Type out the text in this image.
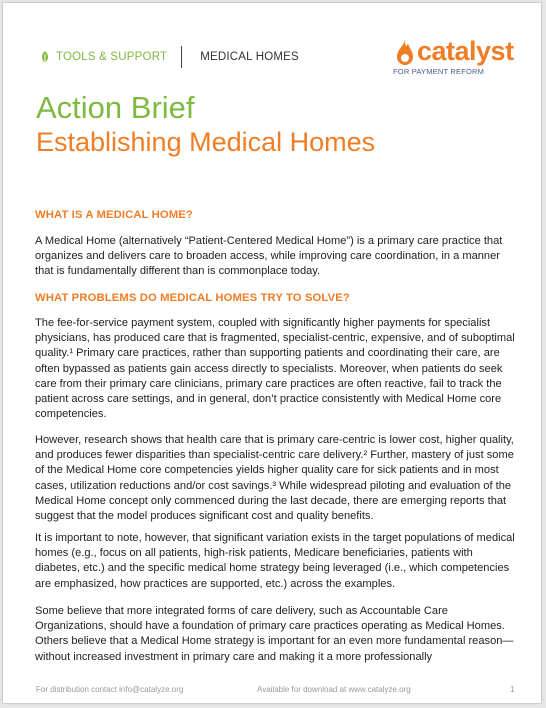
TOOLS & SUPPORT	MEDICAL HOMES	catalyst
FOR PAYMENT REFORM
Action Brief
Establishing Medical Homes
WHAT IS A MEDICAL HOME?
A Medical Home (alternatively “Patient-Centered Medical Home”) is a primary care practice that organizes and delivers care to broaden access, while improving care coordination, in a manner that is fundamentally different than is commonplace today.
WHAT PROBLEMS DO MEDICAL HOMES TRY TO SOLVE?
The fee-for-service payment system, coupled with significantly higher payments for specialist physicians, has produced care that is fragmented, specialist-centric, expensive, and of suboptimal quality.¹ Primary care practices, rather than supporting patients and coordinating their care, are often bypassed as patients gain access directly to specialists. Moreover, when patients do seek care from their primary care clinicians, primary care practices are often reactive, fail to track the patient across care settings, and in general, don’t practice consistently with Medical Home core competencies.
However, research shows that health care that is primary care-centric is lower cost, higher quality, and produces fewer disparities than specialist-centric care delivery.² Further, mastery of just some of the Medical Home core competencies yields higher quality care for sick patients and in most cases, utilization reductions and/or cost savings.³ While widespread piloting and evaluation of the Medical Home concept only commenced during the last decade, there are emerging reports that suggest that the model produces significant cost and quality benefits.
It is important to note, however, that significant variation exists in the target populations of medical homes (e.g., focus on all patients, high-risk patients, Medicare beneficiaries, patients with diabetes, etc.) and the specific medical home strategy being leveraged (i.e., which competencies are emphasized, how practices are supported, etc.) across the examples.
Some believe that more integrated forms of care delivery, such as Accountable Care Organizations, should have a foundation of primary care practices operating as Medical Homes. Others believe that a Medical Home strategy is important for an even more fundamental reason— without increased investment in primary care and making it a more professionally
For distribution contact info@catalyze.org	Available for download at www.catalyze.org	1
